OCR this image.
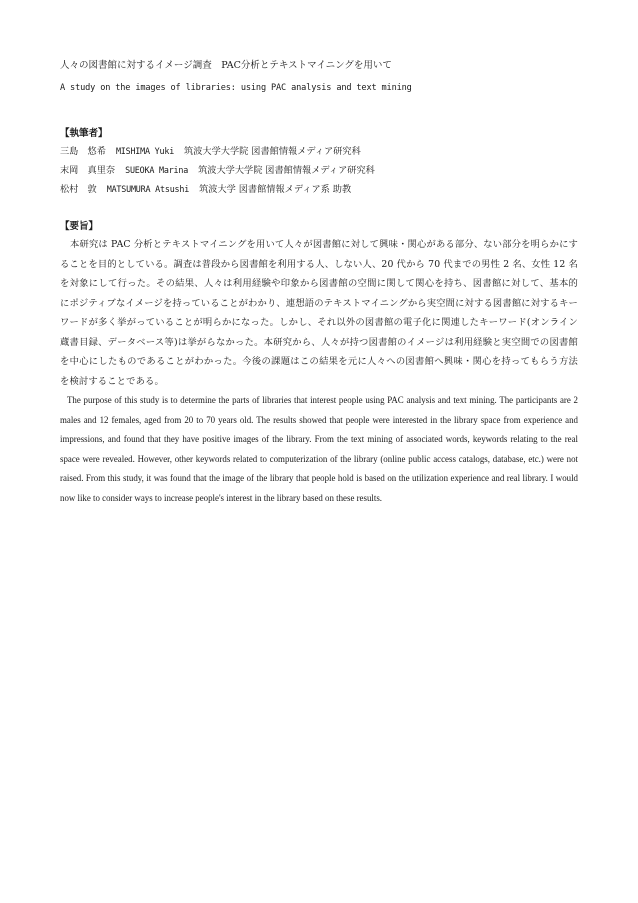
人々の図書館に対するイメージ調査　PAC分析とテキストマイニングを用いて

A study on the images of libraries: using PAC analysis and text mining

【執筆者】

三島　悠希 MISHIMA Yuki 筑波大学大学院 図書館情報メディア研究科

末岡　真里奈 SUEOKA Marina 筑波大学大学院 図書館情報メディア研究科

松村　敦 MATSUMURA Atsushi 筑波大学 図書館情報メディア系 助教

【要旨】

本研究は PAC 分析とテキストマイニングを用いて人々が図書館に対して興味・関心がある部分、ない部分を明らかにすることを目的としている。調査は普段から図書館を利用する人、しない人、20 代から 70 代までの男性 2 名、女性 12 名を対象にして行った。その結果、人々は利用経験や印象から図書館の空間に関して関心を持ち、図書館に対して、基本的にポジティブなイメージを持っていることがわかり、連想語のテキストマイニングから実空間に対する図書館に対するキーワードが多く挙がっていることが明らかになった。しかし、それ以外の図書館の電子化に関連したキーワード(オンライン蔵書目録、データベース等)は挙がらなかった。本研究から、人々が持つ図書館のイメージは利用経験と実空間での図書館を中心にしたものであることがわかった。今後の課題はこの結果を元に人々への図書館へ興味・関心を持ってもらう方法を検討することである。

The purpose of this study is to determine the parts of libraries that interest people using PAC analysis and text mining. The participants are 2 males and 12 females, aged from 20 to 70 years old. The results showed that people were interested in the library space from experience and impressions, and found that they have positive images of the library. From the text mining of associated words, keywords relating to the real space were revealed. However, other keywords related to computerization of the library (online public access catalogs, database, etc.) were not raised. From this study, it was found that the image of the library that people hold is based on the utilization experience and real library. I would now like to consider ways to increase people's interest in the library based on these results.
